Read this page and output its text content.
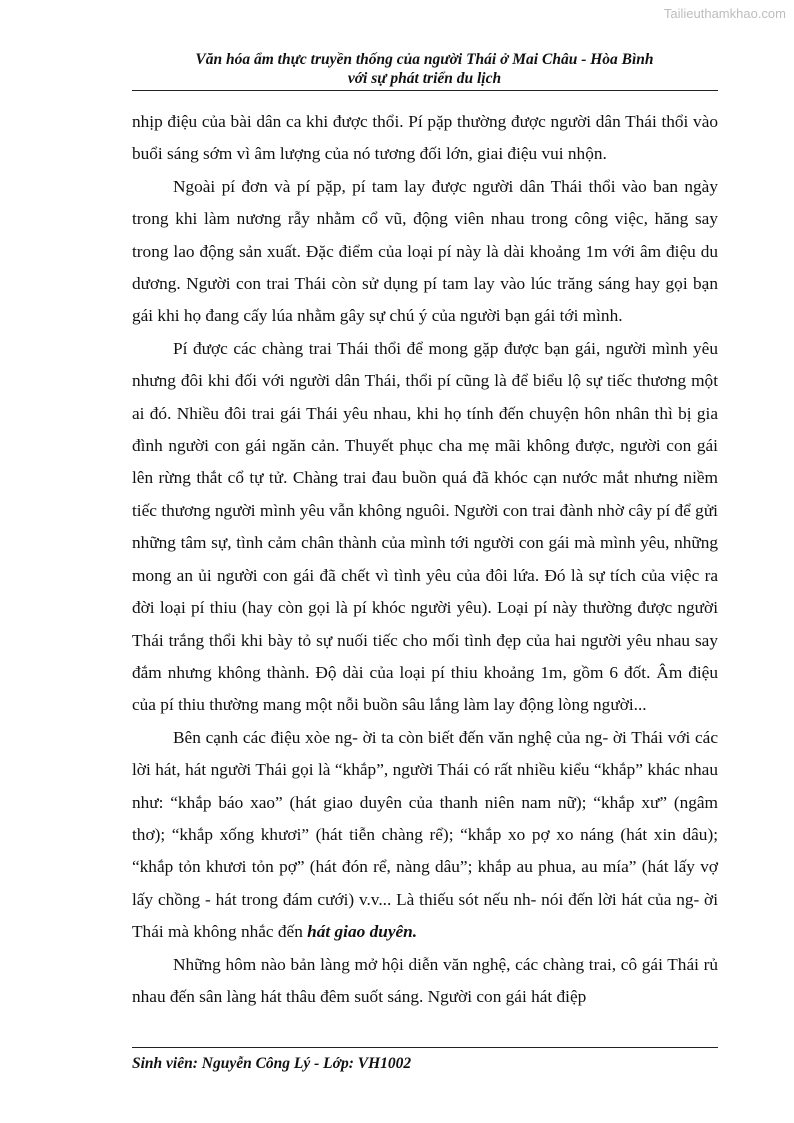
Tailieuthamkhao.com
Văn hóa ẩm thực truyền thống của người Thái ở Mai Châu - Hòa Bình
với sự phát triển du lịch

nhịp điệu của bài dân ca khi được thổi. Pí pặp thường được người dân Thái thổi vào buổi sáng sớm vì âm lượng của nó tương đối lớn, giai điệu vui nhộn.

Ngoài pí đơn và pí pặp, pí tam lay được người dân Thái thổi vào ban ngày trong khi làm nương rẫy nhằm cổ vũ, động viên nhau trong công việc, hăng say trong lao động sản xuất. Đặc điểm của loại pí này là dài khoảng 1m với âm điệu du dương. Người con trai Thái còn sử dụng pí tam lay vào lúc trăng sáng hay gọi bạn gái khi họ đang cấy lúa nhằm gây sự chú ý của người bạn gái tới mình.

Pí được các chàng trai Thái thổi để mong gặp được bạn gái, người mình yêu nhưng đôi khi đối với người dân Thái, thổi pí cũng là để biểu lộ sự tiếc thương một ai đó. Nhiều đôi trai gái Thái yêu nhau, khi họ tính đến chuyện hôn nhân thì bị gia đình người con gái ngăn cản. Thuyết phục cha mẹ mãi không được, người con gái lên rừng thắt cổ tự tử. Chàng trai đau buồn quá đã khóc cạn nước mắt nhưng niềm tiếc thương người mình yêu vẫn không nguôi. Người con trai đành nhờ cây pí để gửi những tâm sự, tình cảm chân thành của mình tới người con gái mà mình yêu, những mong an ủi người con gái đã chết vì tình yêu của đôi lứa. Đó là sự tích của việc ra đời loại pí thiu (hay còn gọi là pí khóc người yêu). Loại pí này thường được người Thái trắng thổi khi bày tỏ sự nuối tiếc cho mối tình đẹp của hai người yêu nhau say đắm nhưng không thành. Độ dài của loại pí thiu khoảng 1m, gồm 6 đốt. Âm điệu của pí thiu thường mang một nỗi buồn sâu lắng làm lay động lòng người...

Bên cạnh các điệu xòe ng- ời ta còn biết đến văn nghệ của ng- ời Thái với các lời hát, hát người Thái gọi là “khắp”, người Thái có rất nhiều kiểu “khắp” khác nhau như: “khắp báo xao” (hát giao duyên của thanh niên nam nữ); “khắp xư” (ngâm thơ); “khắp xống khươi” (hát tiễn chàng rể); “khắp xo pợ xo náng (hát xin dâu); “khắp tỏn khươi tỏn pợ” (hát đón rể, nàng dâu”; khắp au phua, au mía” (hát lấy vợ lấy chồng - hát trong đám cưới) v.v... Là thiếu sót nếu nh- nói đến lời hát của ng- ời Thái mà không nhắc đến hát giao duyên.

Những hôm nào bản làng mở hội diễn văn nghệ, các chàng trai, cô gái Thái rủ nhau đến sân làng hát thâu đêm suốt sáng. Người con gái hát điệp

Sinh viên: Nguyễn Công Lý - Lớp: VH1002
